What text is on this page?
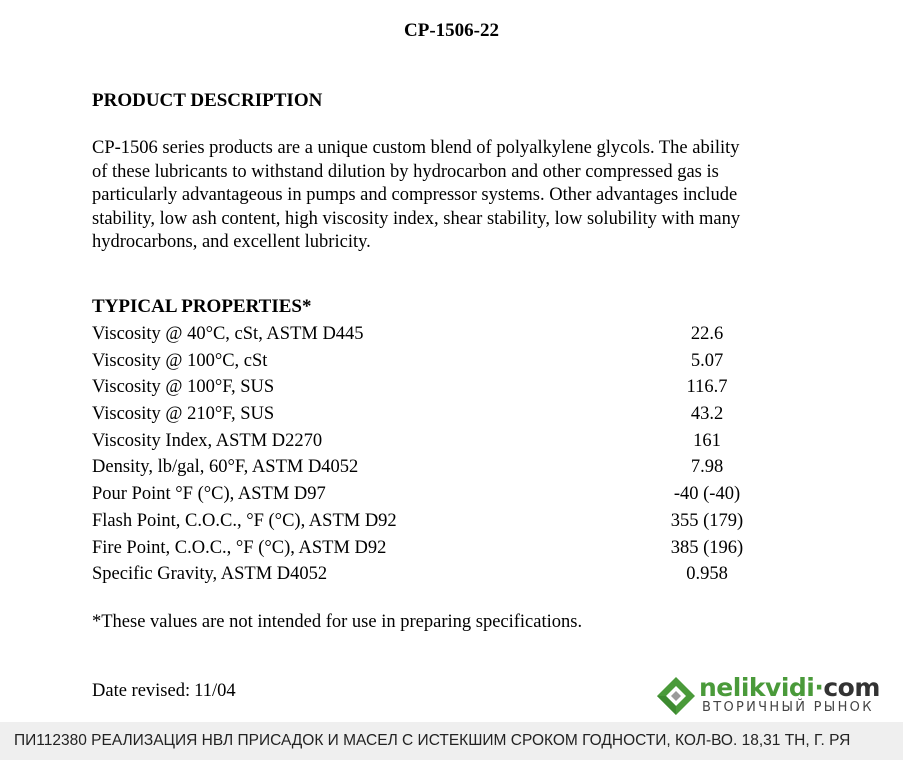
CP-1506-22
PRODUCT DESCRIPTION
CP-1506 series products are a unique custom blend of polyalkylene glycols. The ability
of these lubricants to withstand dilution by hydrocarbon and other compressed gas is
particularly advantageous in pumps and compressor systems. Other advantages include
stability, low ash content, high viscosity index, shear stability, low solubility with many
hydrocarbons, and excellent lubricity.
TYPICAL PROPERTIES*
Viscosity @ 40°C, cSt, ASTM D445	22.6
Viscosity @ 100°C, cSt	5.07
Viscosity @ 100°F, SUS	116.7
Viscosity @ 210°F, SUS	43.2
Viscosity Index, ASTM D2270	161
Density, lb/gal, 60°F, ASTM D4052	7.98
Pour Point °F (°C), ASTM D97	-40 (-40)
Flash Point, C.O.C., °F (°C), ASTM D92	355 (179)
Fire Point, C.O.C., °F (°C), ASTM D92	385 (196)
Specific Gravity, ASTM D4052	0.958
*These values are not intended for use in preparing specifications.
Date revised: 11/04	nelikvidi·com
ВТОРИЧНЫЙ РЫНОК
ПИ112380 РЕАЛИЗАЦИЯ НВЛ ПРИСАДОК И МАСЕЛ С ИСТЕКШИМ СРОКОМ ГОДНОСТИ, КОЛ-ВО. 18,31 ТН, Г. РЯ
